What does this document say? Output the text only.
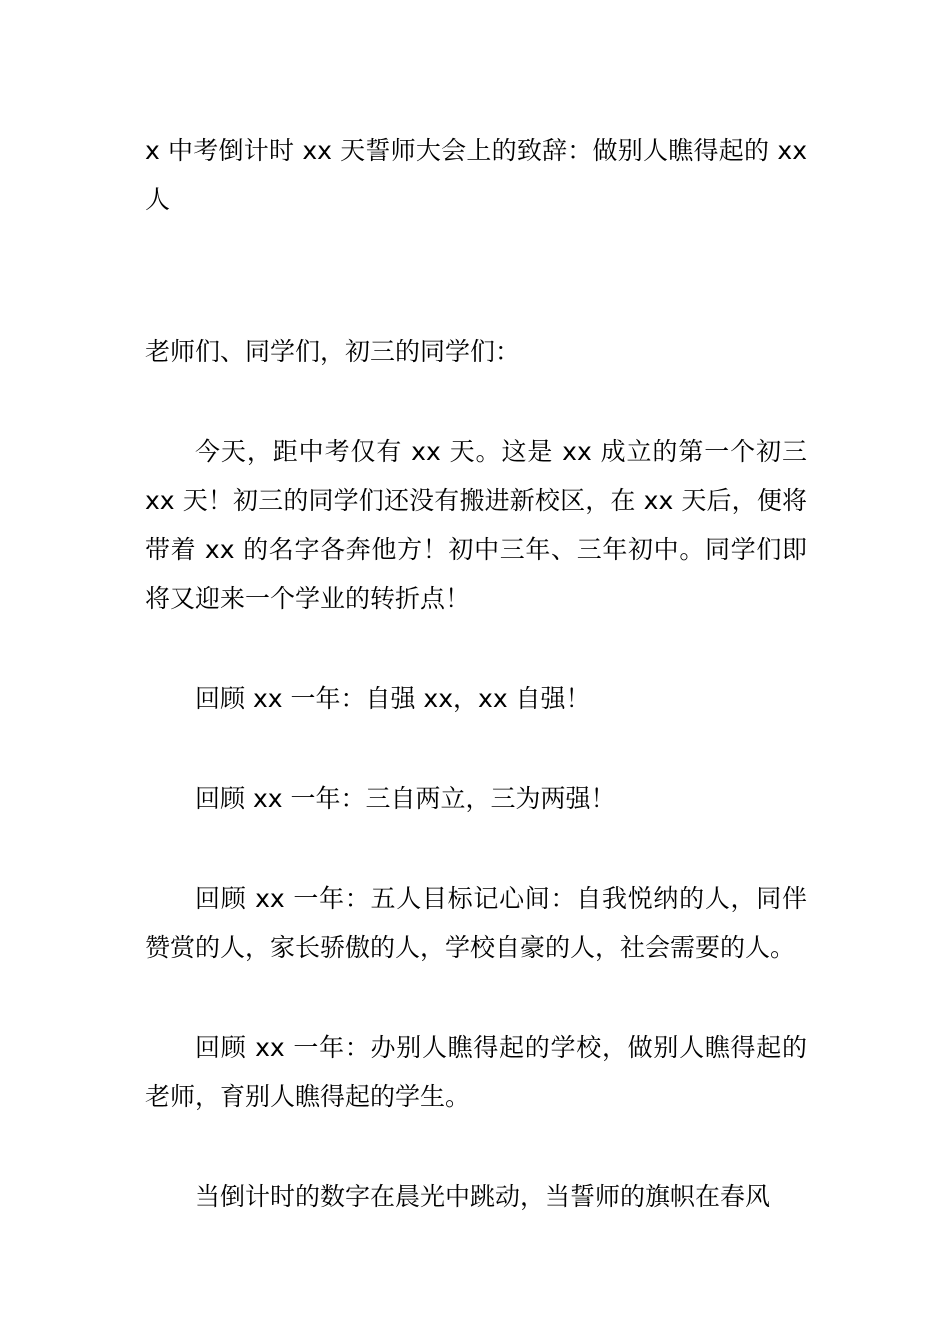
x 中考倒计时 xx 天誓师大会上的致辞：做别人瞧得起的 xx 人

老师们、同学们，初三的同学们：

今天，距中考仅有 xx 天。这是 xx 成立的第一个初三 xx 天！初三的同学们还没有搬进新校区，在 xx 天后，便将带着 xx 的名字各奔他方！初中三年、三年初中。同学们即将又迎来一个学业的转折点！

回顾 xx 一年：自强 xx，xx 自强！

回顾 xx 一年：三自两立，三为两强！

回顾 xx 一年：五人目标记心间：自我悦纳的人，同伴赞赏的人，家长骄傲的人，学校自豪的人，社会需要的人。

回顾 xx 一年：办别人瞧得起的学校，做别人瞧得起的老师，育别人瞧得起的学生。

当倒计时的数字在晨光中跳动，当誓师的旗帜在春风
